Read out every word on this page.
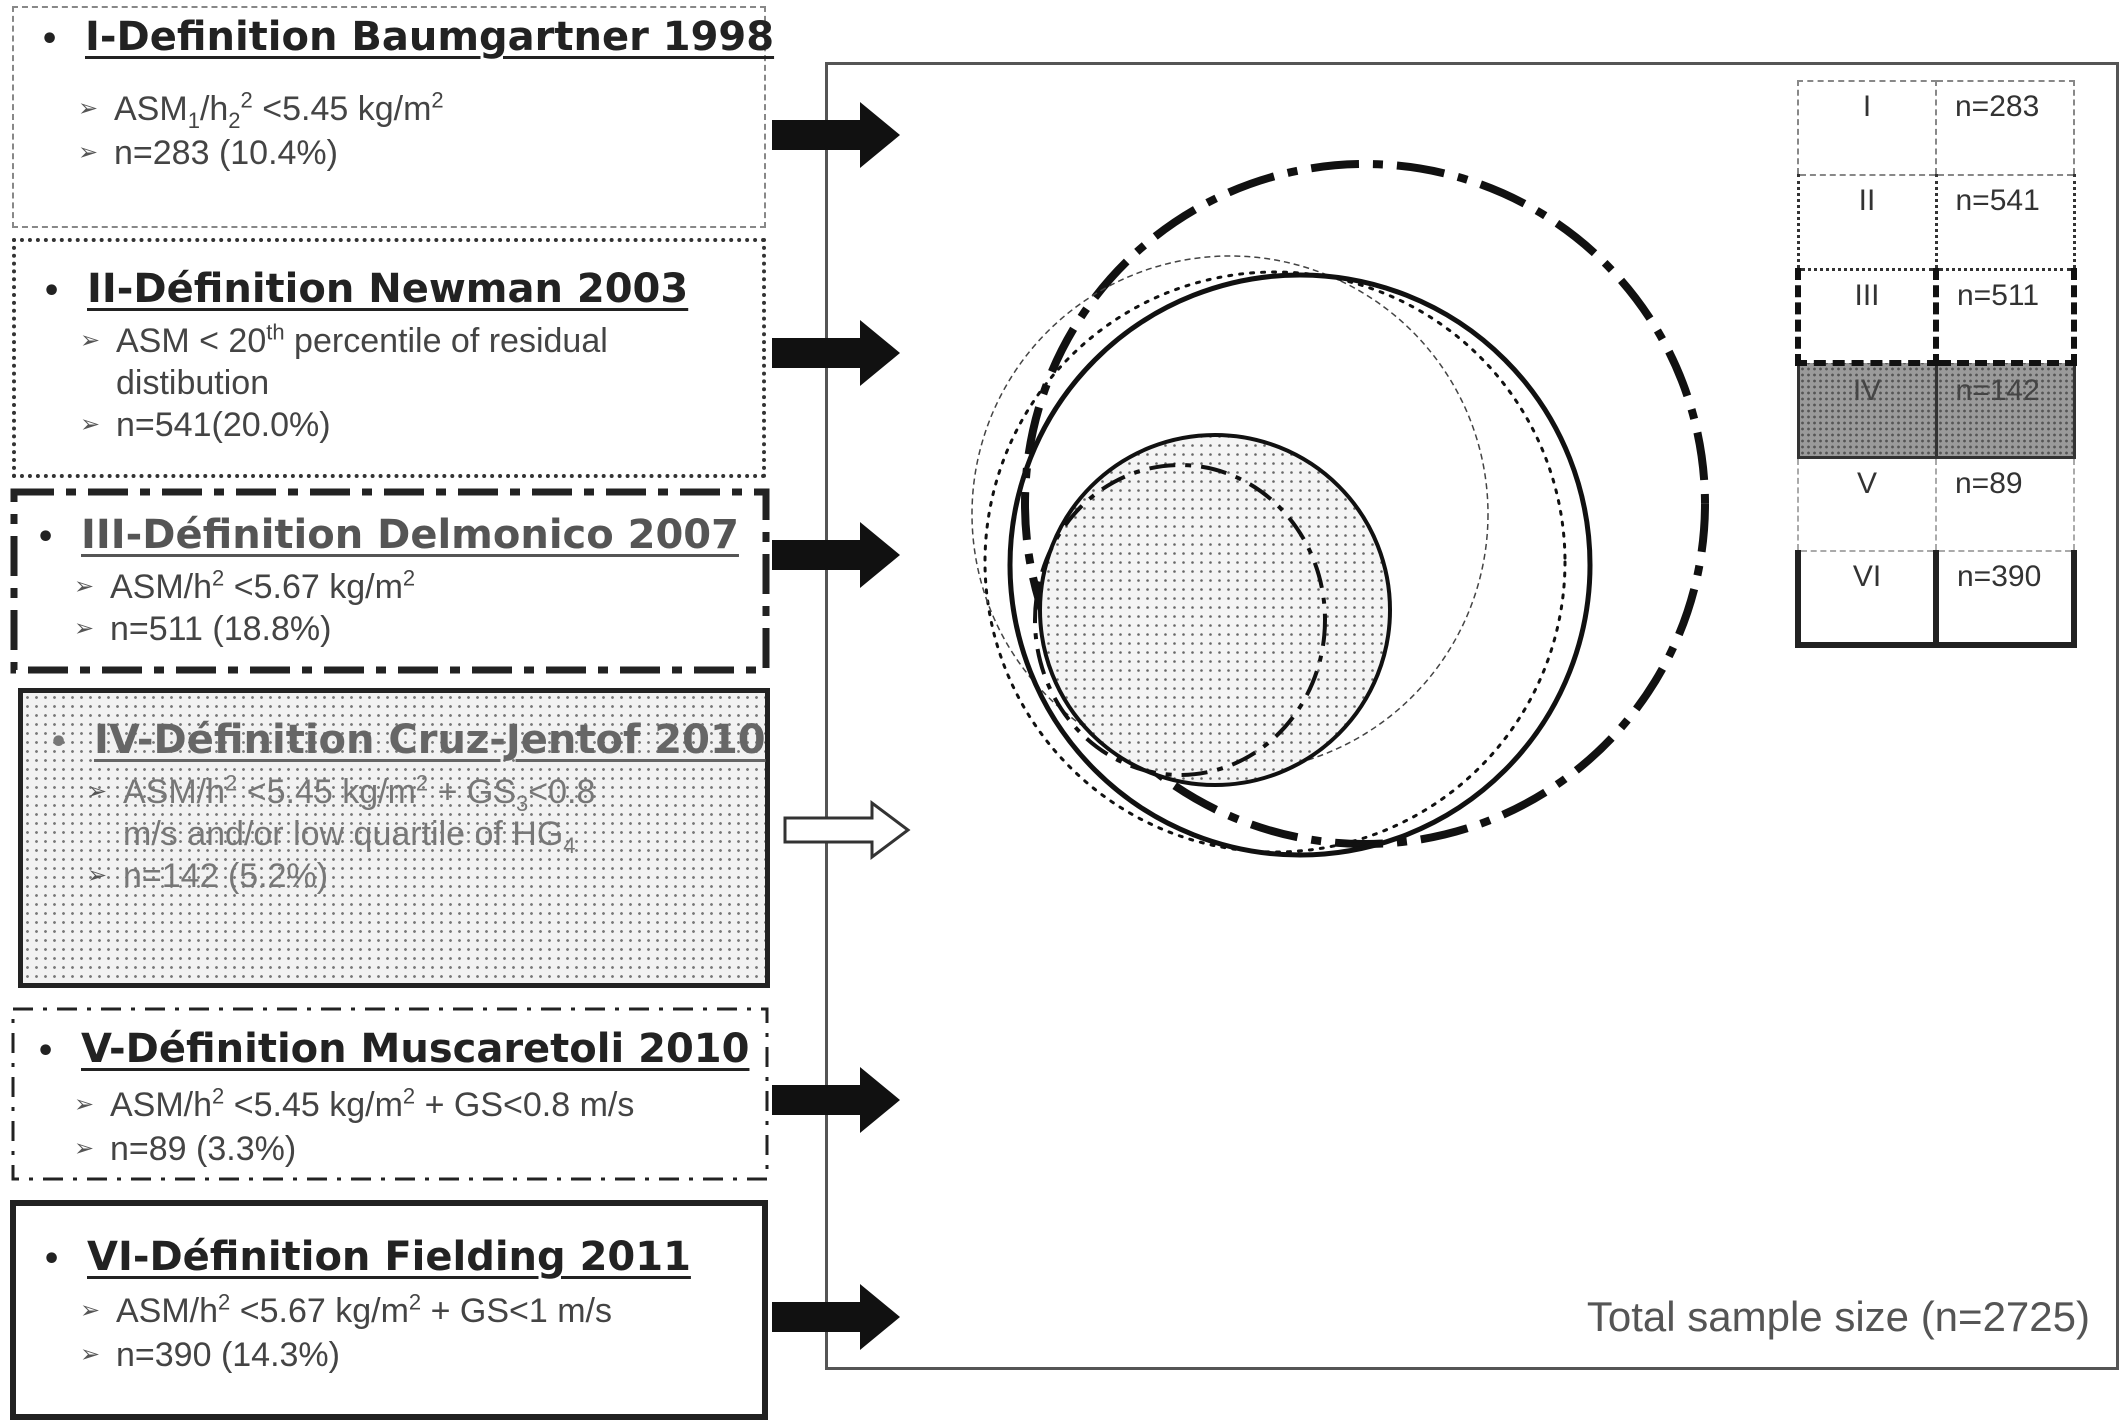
• I-Definition Baumgartner 1998
➢ $ASM_1/h_2^2 <5.45$ $kg/m^2$
➢ n=283 (10.4%)
• II-Définition Newman 2003
➢ ASM < 20th percentile of residual
distibution
➢ n=541(20.0%)
• III-Définition Delmonico 2007
➢ ASM/$h^2 <5.67$ $kg/m^2$
➢ n=511 (18.8%)
• IV-Définition Cruz-Jentof 2010
➢ ASM/$h^2 <5.45$ $kg/m^2 + GS_3<0.8$
m/s and/or low quartile of $HG_4$
➢ n=142 (5.2%)
• V-Définition Muscaretoli 2010
➢ ASM/$h^2 <5.45$ $kg/m^2 + GS<0.8$ m/s
➢ n=89 (3.3%)
• VI-Définition Fielding 2011
➢ ASM/$h^2 <5.67$ $kg/m^2 + GS<1$ m/s
➢ n=390 (14.3%)
Total sample size (n=2725)
I	n=283

II	n=541

III	n=511

IV	n=142

V	n=89

VI	n=390
